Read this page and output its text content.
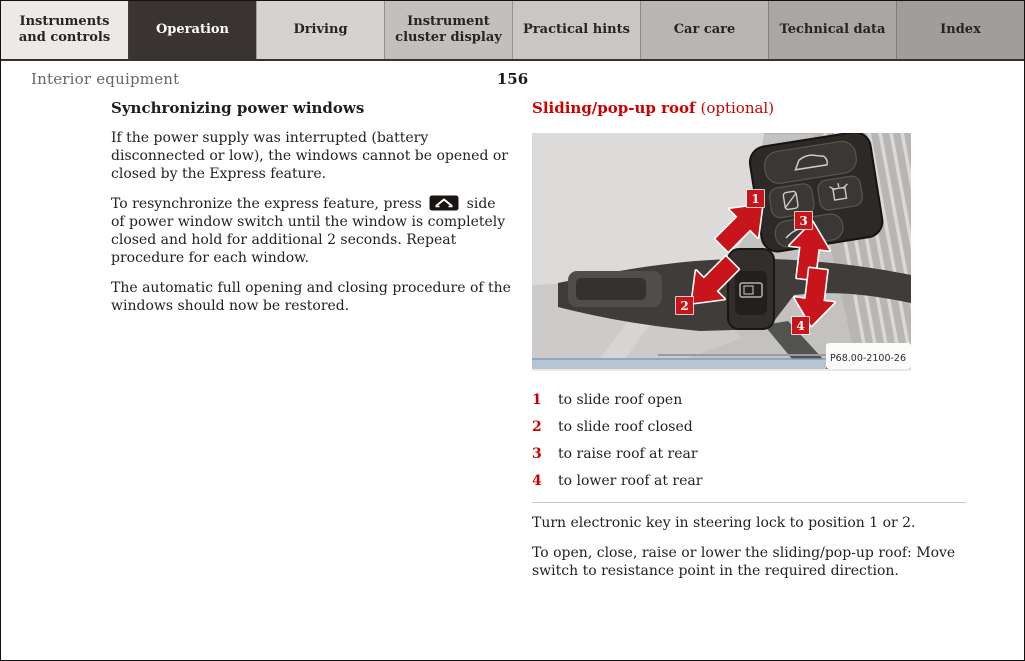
Instruments and controls
Operation	Driving
Instrument cluster display
Practical hints	Car care	Technical data	Index
Interior equipment	156
Synchronizing power windows

If the power supply was interrupted (battery disconnected or low), the windows cannot be opened or closed by the Express feature.

To resynchronize the express feature, press	side of power window switch until the window is completely closed and hold for additional 2 seconds. Repeat procedure for each window.

The automatic full opening and closing procedure of the windows should now be restored.

Sliding/pop-up roof (optional)
P68.00-2100-26
1
2
3
4
1	to slide roof open
2	to slide roof closed
3	to raise roof at rear
4	to lower roof at rear

Turn electronic key in steering lock to position 1 or 2.

To open, close, raise or lower the sliding/pop-up roof: Move switch to resistance point in the required direction.
